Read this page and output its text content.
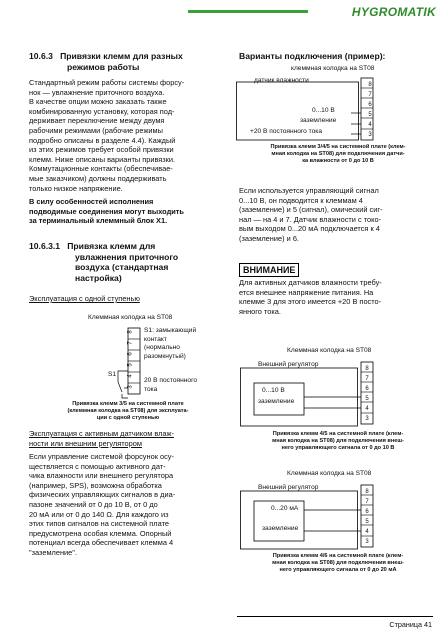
HYGROMATIK
10.6.3 Привязки клемм для разных
режимов работы
Стандартный режим работы системы форсу-
нок — увлажнение приточного воздуха.
В качестве опции можно заказать также
комбинированную установку, которая под-
держивает переключение между двумя
рабочими режимами (рабочие режимы
подробно описаны в разделе 4.4). Каждый
из этих режимов требует особой привязки
клемм. Ниже описаны варианты привязки.
Коммутационные контакты (обеспечивае-
мые заказчиком) должны поддерживать
только низкое напряжение.
В силу особенностей исполнения
подводимые соединения могут выходить
за терминальный клеммный блок X1.
10.6.3.1 Привязка клемм для
увлажнения приточного
воздуха (стандартная
настройка)
Эксплуатация с одной ступенью
Клеммная колодка на ST08
8
7
6
5
4
3
S1: замыкающий
контакт
(нормально
разомкнутый)
S1
20 В постоянного
тока
Привязка клемм 3/5 на системной плате
(клеммная колодка на ST08) для эксплуата-
ции с одной ступенью
Эксплуатация с активным датчиком влаж-
ности или внешним регулятором
Если управление системой форсунок осу-
ществляется с помощью активного дат-
чика влажности или внешнего регулятора
(например, SPS), возможна обработка
физических управляющих сигналов в диа-
пазоне значений от 0 до 10 В, от 0 до
20 мА или от 0 до 140 Ω. Для каждого из
этих типов сигналов на системной плате
предусмотрена особая клемма. Опорный
потенциал всегда обеспечивает клемма 4
"заземление".
Варианты подключения (пример):
клеммная колодка на ST08
датчик влажности
0...10 В
заземление
+20 В постоянного тока
8
7
6
5
4
3
Привязка клемм 3/4/5 на системной плате (клем-
мная колодка на ST08) для подключения датчи-
ка влажности от 0 до 10 В
Если используется управляющий сигнал
0...10 В, он подводится к клеммам 4
(заземление) и 5 (сигнал), омический сиг-
нал — на 4 и 7. Датчик влажности с токо-
вым выходом 0...20 мА подключается к 4
(заземление) и 6.
ВНИМАНИЕ
Для активных датчиков влажности требу-
ется внешнее напряжение питания. На
клемме 3 для этого имеется +20 В посто-
янного тока.
Клеммная колодка на ST08
Внешний регулятор
0...10 В
заземление
8
7
6
5
4
3
Привязка клемм 4/5 на системной плате (клем-
мная колодка на ST08) для подключения внеш-
него управляющего сигнала от 0 до 10 В
Клеммная колодка на ST08
Внешний регулятор
0...20 мА
заземление
8
7
6
5
4
3
Привязка клемм 4/6 на системной плате (клем-
мная колодка на ST08) для подключения внеш-
него управляющего сигнала от 0 до 20 мА
Страница 41
